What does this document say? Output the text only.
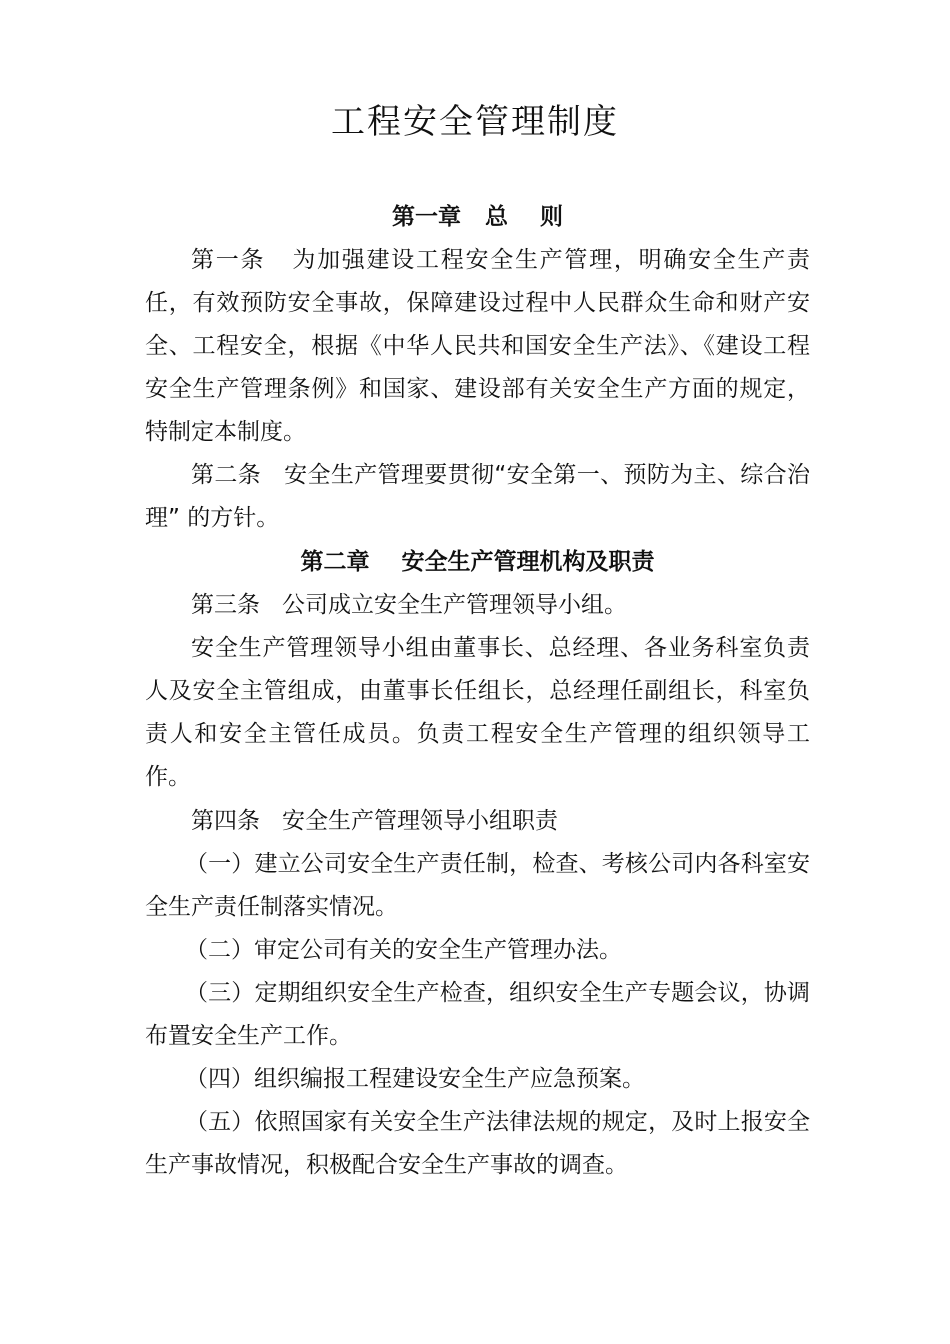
工程安全管理制度
第一章   总    则

第一条   为加强建设工程安全生产管理，明确安全生产责任，有效预防安全事故，保障建设过程中人民群众生命和财产安全、工程安全，根据《中华人民共和国安全生产法》、《建设工程安全生产管理条例》和国家、建设部有关安全生产方面的规定，特制定本制度。

第二条   安全生产管理要贯彻“安全第一、预防为主、综合治理” 的方针。

第二章    安全生产管理机构及职责

第三条   公司成立安全生产管理领导小组。

安全生产管理领导小组由董事长、总经理、各业务科室负责人及安全主管组成，由董事长任组长，总经理任副组长，科室负责人和安全主管任成员。负责工程安全生产管理的组织领导工作。

第四条   安全生产管理领导小组职责

（一）建立公司安全生产责任制，检查、考核公司内各科室安全生产责任制落实情况。

（二）审定公司有关的安全生产管理办法。

（三）定期组织安全生产检查，组织安全生产专题会议，协调布置安全生产工作。

（四）组织编报工程建设安全生产应急预案。

（五）依照国家有关安全生产法律法规的规定，及时上报安全生产事故情况，积极配合安全生产事故的调查。
